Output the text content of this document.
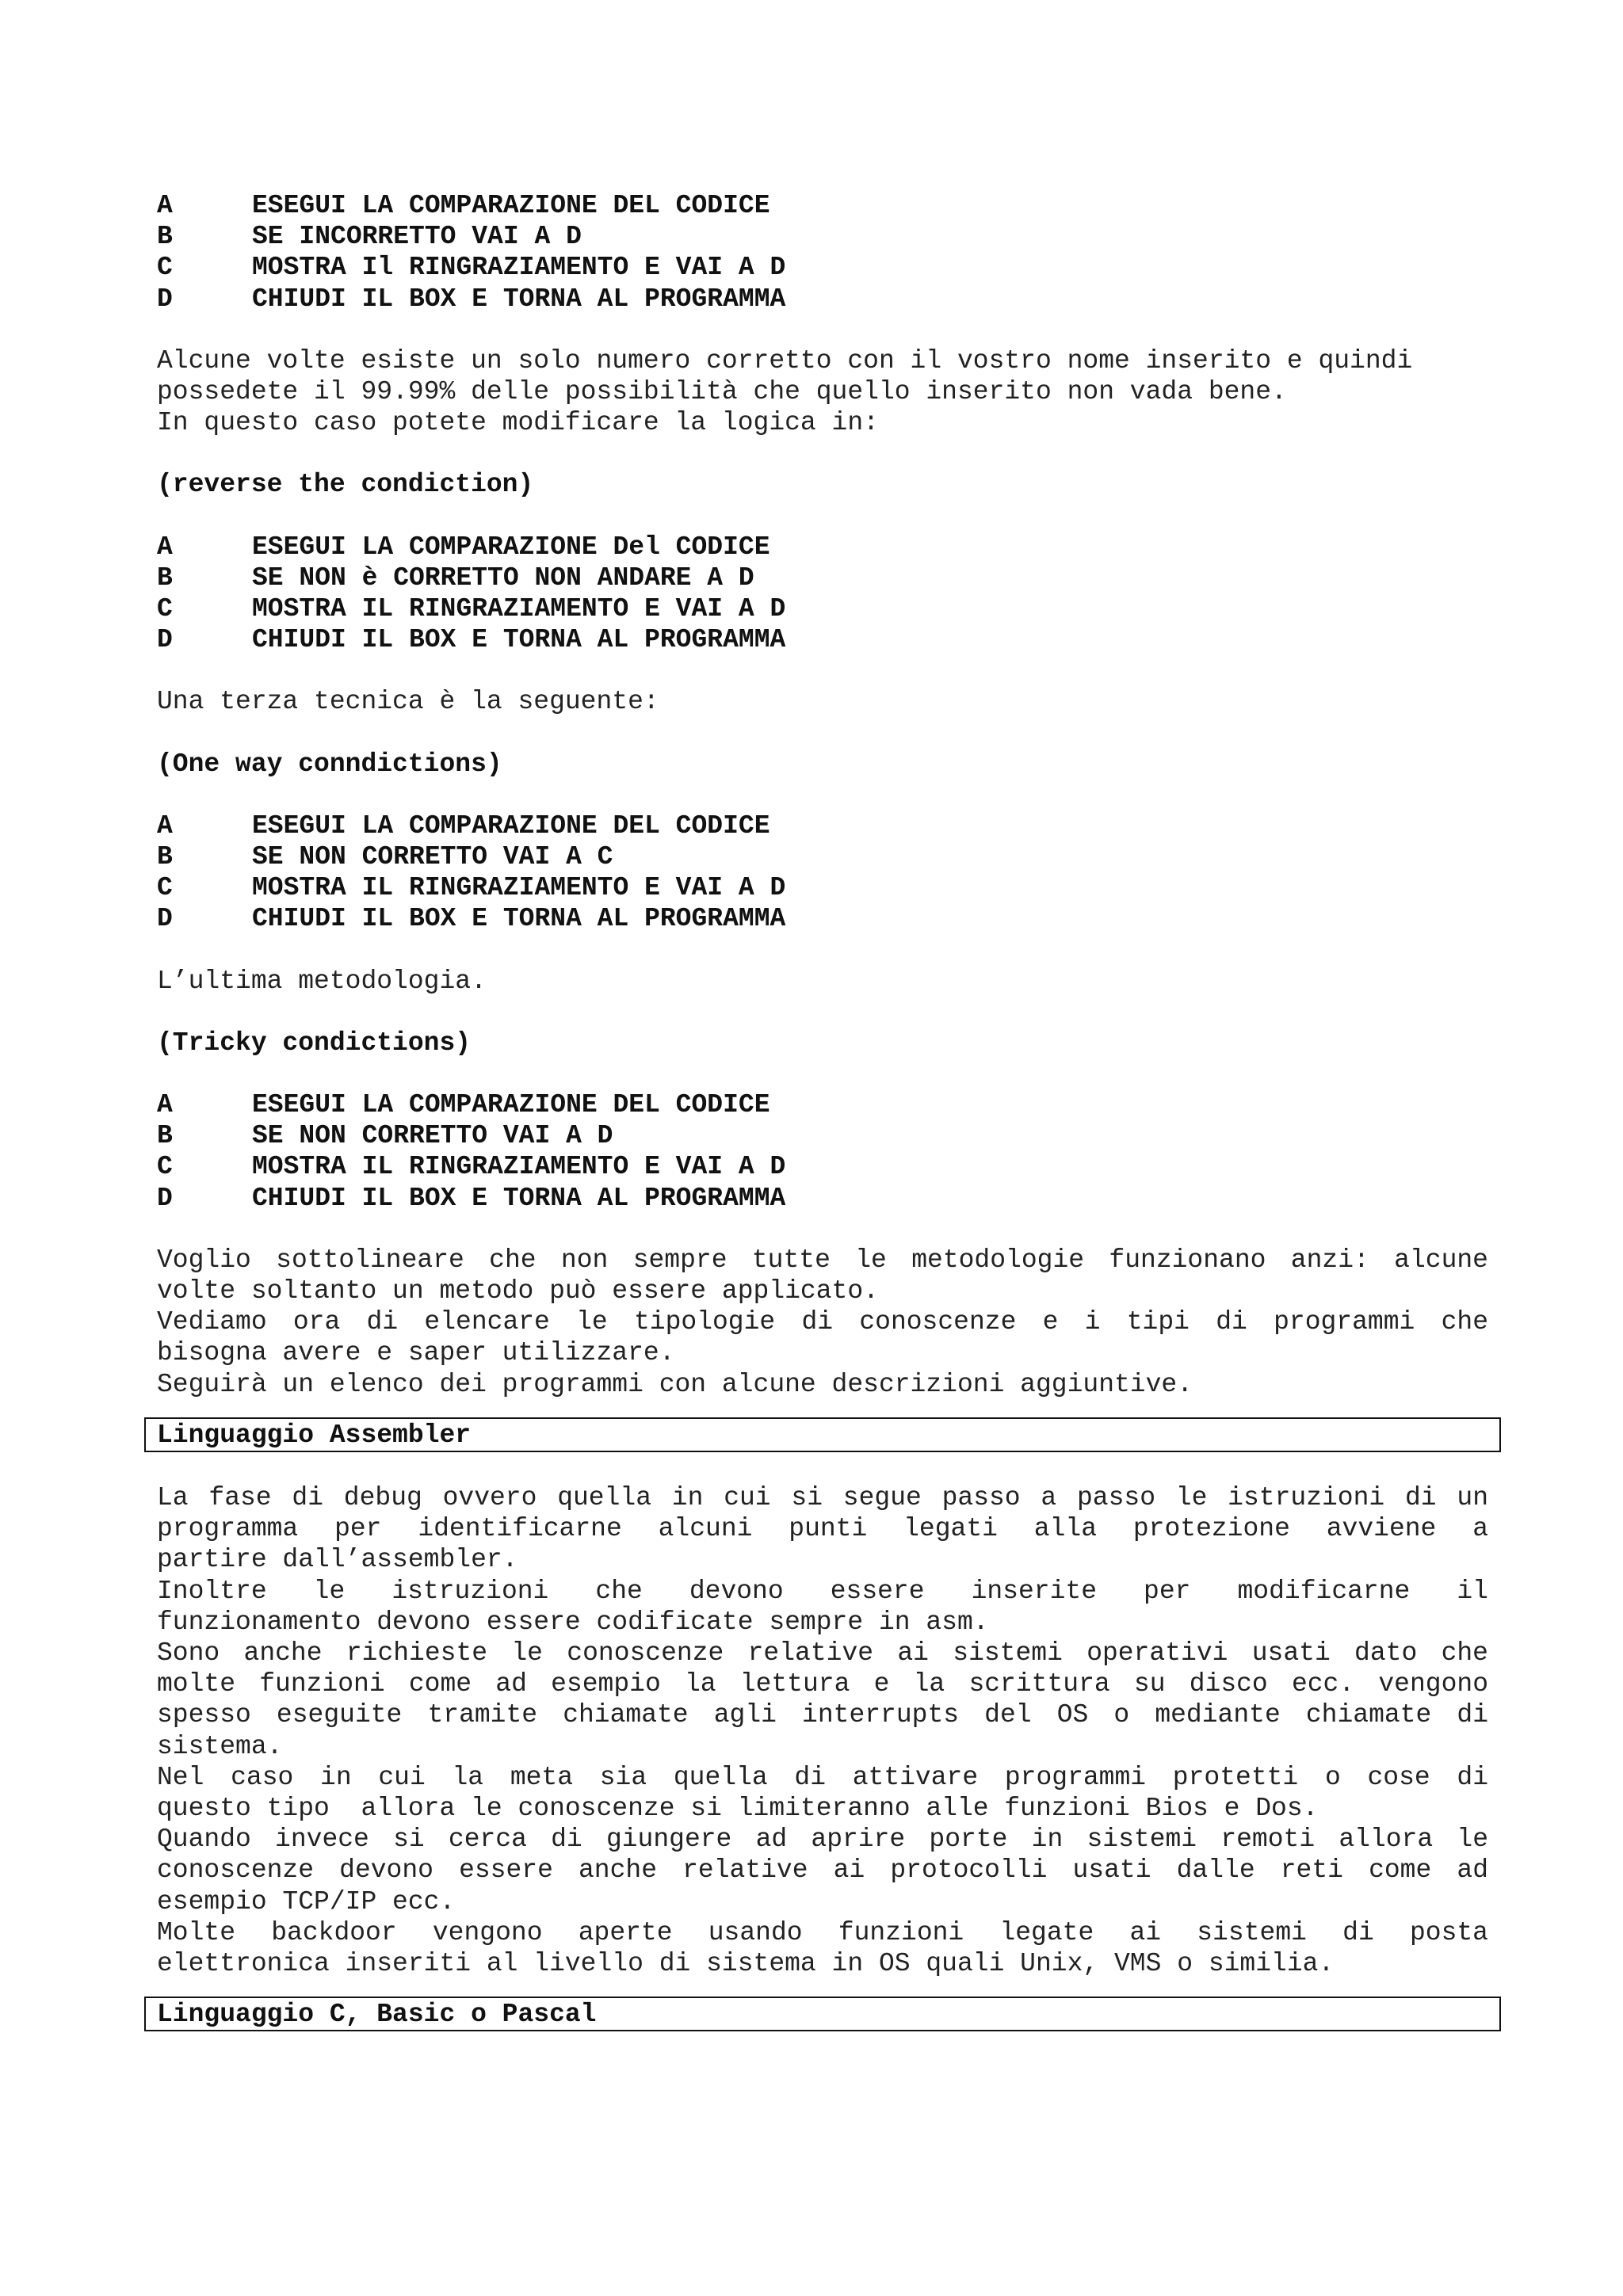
A	ESEGUI LA COMPARAZIONE DEL CODICE
B	SE INCORRETTO VAI A D
C	MOSTRA Il RINGRAZIAMENTO E VAI A D
D	CHIUDI IL BOX E TORNA AL PROGRAMMA
Alcune volte esiste un solo numero corretto con il vostro nome inserito e quindi
possedete il 99.99% delle possibilità che quello inserito non vada bene.
In questo caso potete modificare la logica in:
(reverse the condiction)
A	ESEGUI LA COMPARAZIONE Del CODICE
B	SE NON è CORRETTO NON ANDARE A D
C	MOSTRA IL RINGRAZIAMENTO E VAI A D
D	CHIUDI IL BOX E TORNA AL PROGRAMMA
Una terza tecnica è la seguente:
(One way conndictions)
A	ESEGUI LA COMPARAZIONE DEL CODICE
B	SE NON CORRETTO VAI A C
C	MOSTRA IL RINGRAZIAMENTO E VAI A D
D	CHIUDI IL BOX E TORNA AL PROGRAMMA
L’ultima metodologia.
(Tricky condictions)
A	ESEGUI LA COMPARAZIONE DEL CODICE
B	SE NON CORRETTO VAI A D
C	MOSTRA IL RINGRAZIAMENTO E VAI A D
D	CHIUDI IL BOX E TORNA AL PROGRAMMA
Voglio sottolineare che non sempre tutte le metodologie funzionano anzi: alcune
volte soltanto un metodo può essere applicato.
Vediamo ora di elencare le tipologie di conoscenze e i tipi di programmi che
bisogna avere e saper utilizzare.
Seguirà un elenco dei programmi con alcune descrizioni aggiuntive.
Linguaggio Assembler
La fase di debug ovvero quella in cui si segue passo a passo le istruzioni di un
programma per identificarne alcuni punti legati alla protezione avviene a
partire dall’assembler.
Inoltre le istruzioni che devono essere inserite per modificarne il
funzionamento devono essere codificate sempre in asm.
Sono anche richieste le conoscenze relative ai sistemi operativi usati dato che
molte funzioni come ad esempio la lettura e la scrittura su disco ecc. vengono
spesso eseguite tramite chiamate agli interrupts del OS o mediante chiamate di
sistema.
Nel caso in cui la meta sia quella di attivare programmi protetti o cose di
questo tipo  allora le conoscenze si limiteranno alle funzioni Bios e Dos.
Quando invece si cerca di giungere ad aprire porte in sistemi remoti allora le
conoscenze devono essere anche relative ai protocolli usati dalle reti come ad
esempio TCP/IP ecc.
Molte backdoor vengono aperte usando funzioni legate ai sistemi di posta
elettronica inseriti al livello di sistema in OS quali Unix, VMS o similia.
Linguaggio C, Basic o Pascal
